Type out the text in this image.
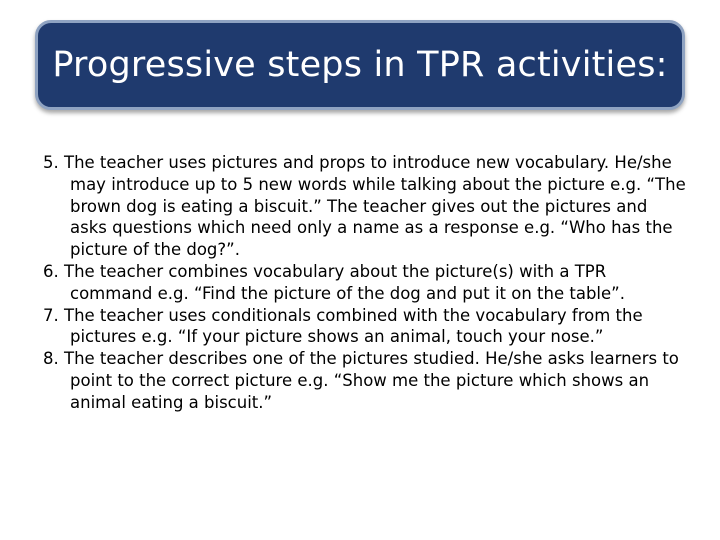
Progressive steps in TPR activities:
5. The teacher uses pictures and props to introduce new vocabulary. He/she may introduce up to 5 new words while talking about the picture e.g. “The brown dog is eating a biscuit.” The teacher gives out the pictures and asks questions which need only a name as a response e.g. “Who has the picture of the dog?”.
6. The teacher combines vocabulary about the picture(s) with a TPR command e.g. “Find the picture of the dog and put it on the table”.
7. The teacher uses conditionals combined with the vocabulary from the pictures e.g. “If your picture shows an animal, touch your nose.”
8. The teacher describes one of the pictures studied. He/she asks learners to point to the correct picture e.g. “Show me the picture which shows an animal eating a biscuit.”
